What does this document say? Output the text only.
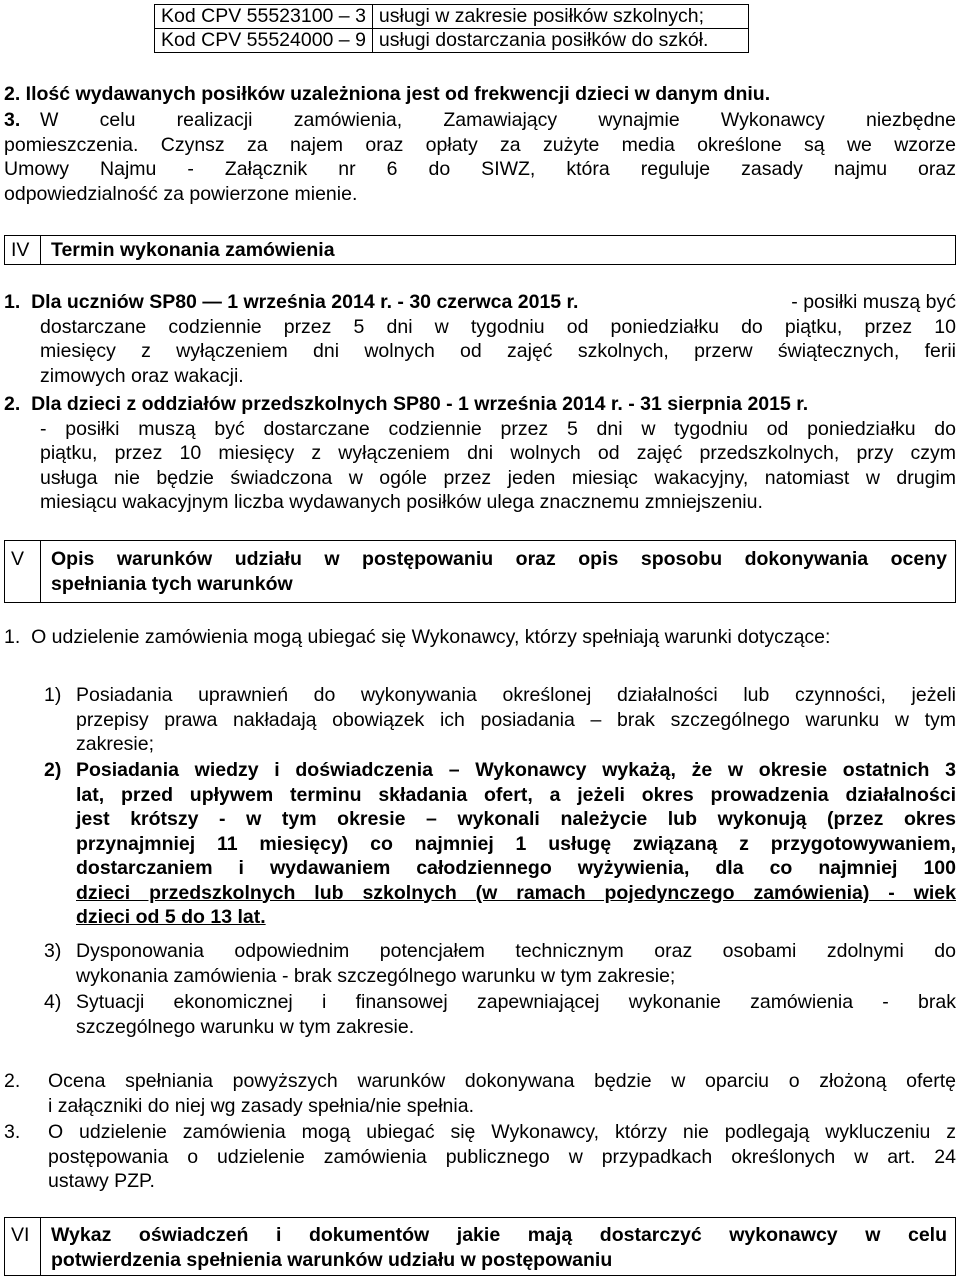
Kod CPV 55523100 – 3	usługi w zakresie posiłków szkolnych;
Kod CPV 55524000 – 9	usługi dostarczania posiłków do szkół.
2. Ilość wydawanych posiłków uzależniona jest od frekwencji dzieci w danym dniu.
3. W celu realizacji zamówienia, Zamawiający wynajmie Wykonawcy niezbędne
pomieszczenia. Czynsz za najem oraz opłaty za zużyte media określone są we wzorze
Umowy Najmu - Załącznik nr 6 do SIWZ, która reguluje zasady najmu oraz
odpowiedzialność za powierzone mienie.
IV	Termin wykonania zamówienia
1.  Dla uczniów SP80 — 1 września 2014 r. - 30 czerwca 2015 r.	- posiłki muszą być
dostarczane codziennie przez 5 dni w tygodniu od poniedziałku do piątku, przez 10
miesięcy z wyłączeniem dni wolnych od zajęć szkolnych, przerw świątecznych, ferii
zimowych oraz wakacji.
2.  Dla dzieci z oddziałów przedszkolnych SP80 - 1 września 2014 r. - 31 sierpnia 2015 r.
- posiłki muszą być dostarczane codziennie przez 5 dni w tygodniu od poniedziałku do
piątku, przez 10 miesięcy z wyłączeniem dni wolnych od zajęć przedszkolnych, przy czym
usługa nie będzie świadczona w ogóle przez jeden miesiąc wakacyjny, natomiast w drugim
miesiącu wakacyjnym liczba wydawanych posiłków ulega znacznemu zmniejszeniu.
V	Opis warunków udziału w postępowaniu oraz opis sposobu dokonywania oceny
spełniania tych warunków
1.  O udzielenie zamówienia mogą ubiegać się Wykonawcy, którzy spełniają warunki dotyczące:
1) Posiadania uprawnień do wykonywania określonej działalności lub czynności, jeżeli
przepisy prawa nakładają obowiązek ich posiadania – brak szczególnego warunku w tym
zakresie;
2) Posiadania wiedzy i doświadczenia – Wykonawcy wykażą, że w okresie ostatnich 3
lat, przed upływem terminu składania ofert, a jeżeli okres prowadzenia działalności
jest krótszy - w tym okresie – wykonali należycie lub wykonują (przez okres
przynajmniej 11 miesięcy) co najmniej 1 usługę związaną z przygotowywaniem,
dostarczaniem i wydawaniem całodziennego wyżywienia, dla co najmniej 100
dzieci przedszkolnych lub szkolnych (w ramach pojedynczego zamówienia) - wiek
dzieci od 5 do 13 lat.
3) Dysponowania odpowiednim potencjałem technicznym oraz osobami zdolnymi do
wykonania zamówienia - brak szczególnego warunku w tym zakresie;
4) Sytuacji ekonomicznej i finansowej zapewniającej wykonanie zamówienia - brak
szczególnego warunku w tym zakresie.
2. Ocena spełniania powyższych warunków dokonywana będzie w oparciu o złożoną ofertę
i załączniki do niej wg zasady spełnia/nie spełnia.
3. O udzielenie zamówienia mogą ubiegać się Wykonawcy, którzy nie podlegają wykluczeniu z
postępowania o udzielenie zamówienia publicznego w przypadkach określonych w art. 24
ustawy PZP.
VI	Wykaz oświadczeń i dokumentów jakie mają dostarczyć wykonawcy w celu
potwierdzenia spełnienia warunków udziału w postępowaniu
